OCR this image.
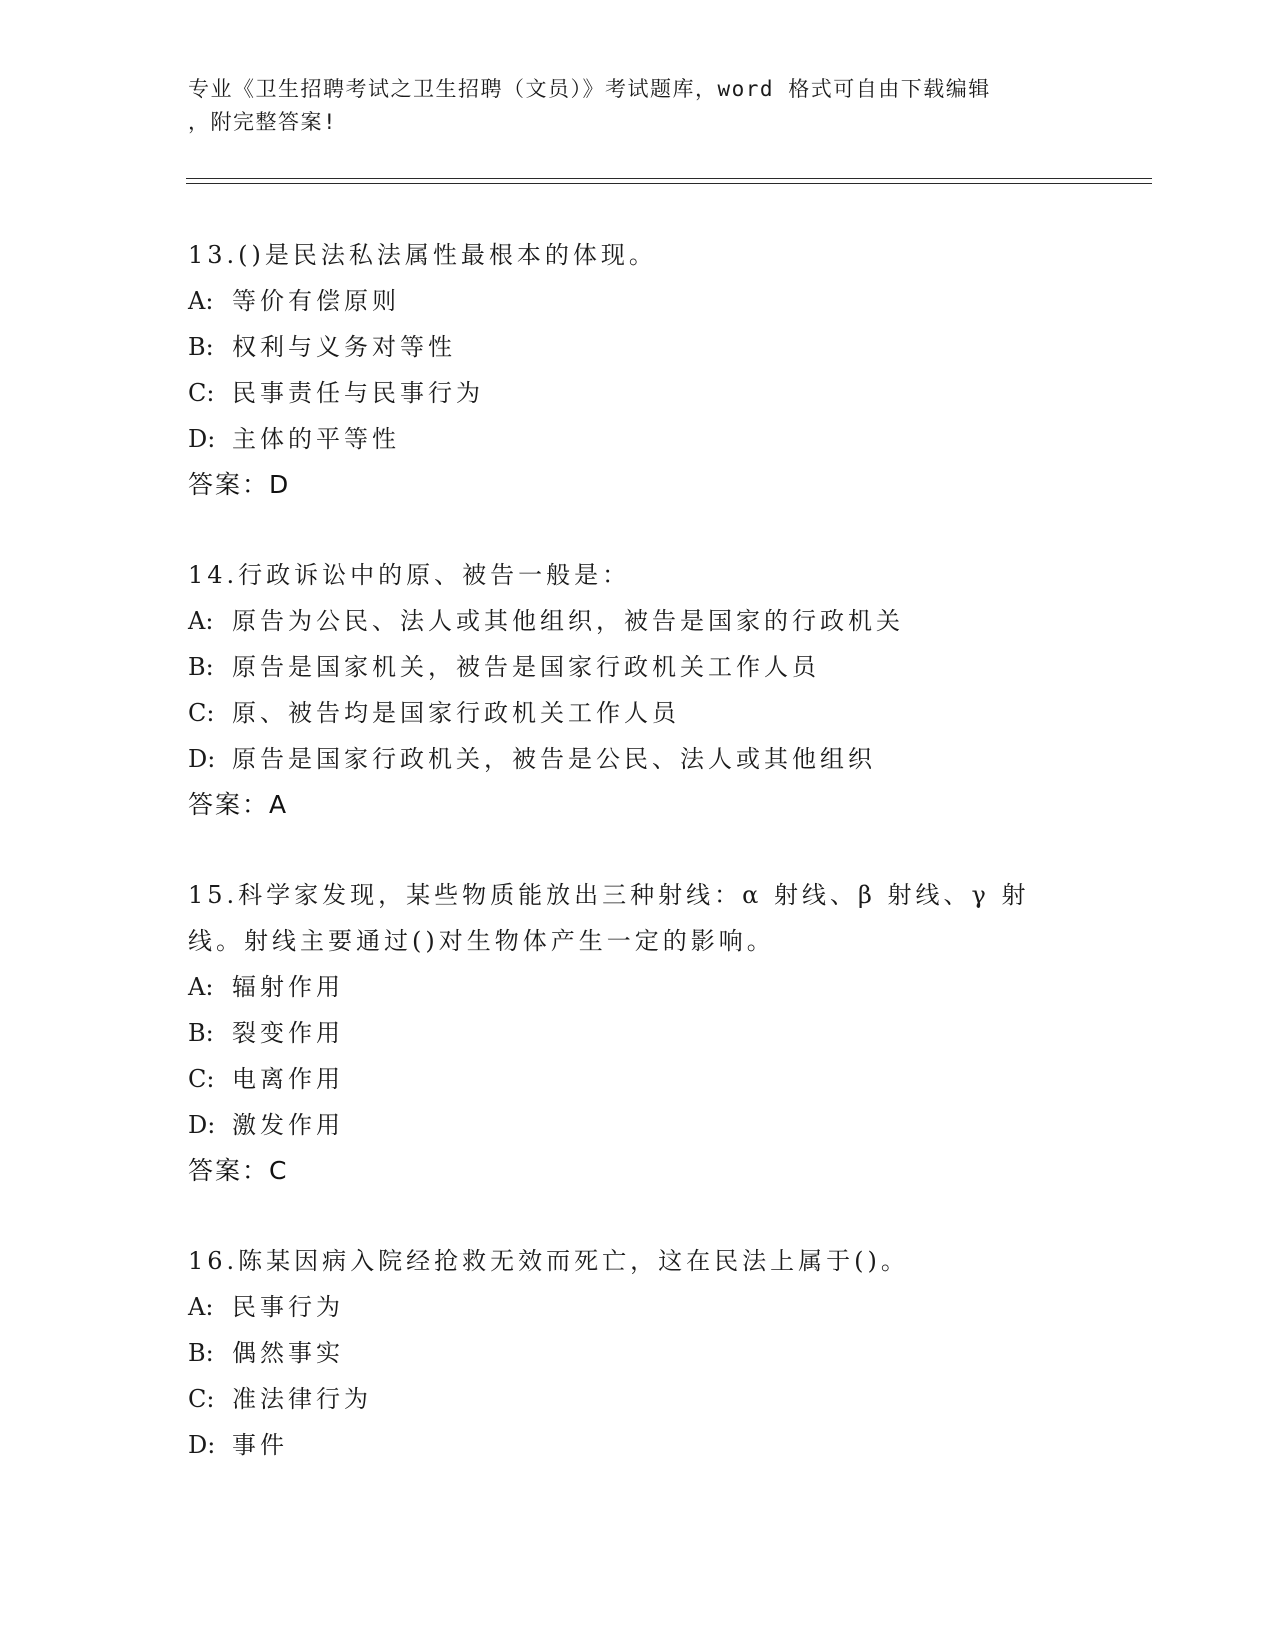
专业《卫生招聘考试之卫生招聘（文员）》考试题库，word 格式可自由下载编辑
，附完整答案!
13.()是民法私法属性最根本的体现。
A: 等价有偿原则
B: 权利与义务对等性
C: 民事责任与民事行为
D: 主体的平等性
答案：D
14.行政诉讼中的原、被告一般是：
A: 原告为公民、法人或其他组织，被告是国家的行政机关
B: 原告是国家机关，被告是国家行政机关工作人员
C: 原、被告均是国家行政机关工作人员
D: 原告是国家行政机关，被告是公民、法人或其他组织
答案：A
15.科学家发现，某些物质能放出三种射线：α 射线、β 射线、γ 射线。射线主要通过()对生物体产生一定的影响。
A: 辐射作用
B: 裂变作用
C: 电离作用
D: 激发作用
答案：C
16.陈某因病入院经抢救无效而死亡，这在民法上属于()。
A: 民事行为
B: 偶然事实
C: 准法律行为
D: 事件
